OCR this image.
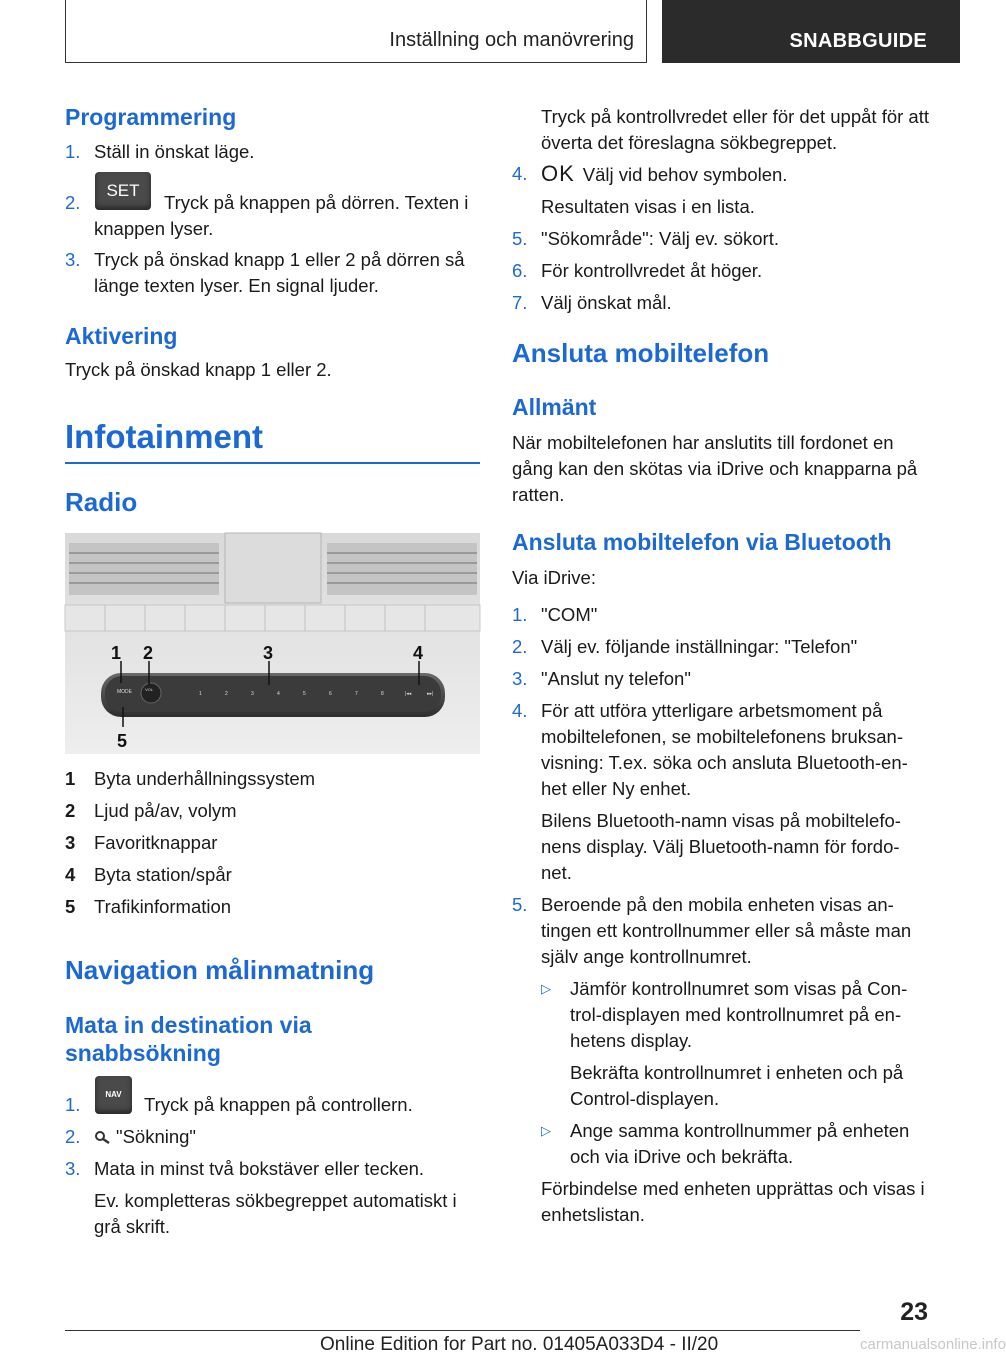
Inställning och manövrering	SNABBGUIDE
Programmering
1. Ställ in önskat läge.
2.
SET
Tryck på knappen på dörren. Texten i knappen lyser.
3. Tryck på önskad knapp 1 eller 2 på dörren så länge texten lyser. En signal ljuder.
Aktivering

Tryck på önskad knapp 1 eller 2.

Infotainment
Radio
MODE	VOL
1	2	3	4	5	6	7	8	|◂◂	▸▸|
1 2	3	4
5
1 Byta underhållningssystem
2 Ljud på/av, volym
3 Favoritknappar
4 Byta station/spår
5 Trafikinformation
Navigation målinmatning
Mata in destination via
snabbsökning
1.	NAV	Tryck på knappen på controllern.
2. "Sökning"
3. Mata in minst två bokstäver eller tecken.
Ev. kompletteras sökbegreppet automatiskt i grå skrift.
Tryck på kontrollvredet eller för det uppåt för att överta det föreslagna sökbegreppet.
4. OK Välj vid behov symbolen.
Resultaten visas i en lista.
5. "Sökområde": Välj ev. sökort.
6. För kontrollvredet åt höger.
7. Välj önskat mål.
Ansluta mobiltelefon
Allmänt

När mobiltelefonen har anslutits till fordonet en gång kan den skötas via iDrive och knapparna på ratten.

Ansluta mobiltelefon via Bluetooth

Via iDrive:

1. "COM"
2. Välj ev. följande inställningar: "Telefon"
3. "Anslut ny telefon"
4. För att utföra ytterligare arbetsmoment på mobiltelefonen, se mobiltelefonens bruksan-visning: T.ex. söka och ansluta Bluetooth-en-het eller Ny enhet.
Bilens Bluetooth-namn visas på mobiltelefo-nens display. Välj Bluetooth-namn för fordo-net.
5. Beroende på den mobila enheten visas an-tingen ett kontrollnummer eller så måste man själv ange kontrollnumret.
▷ Jämför kontrollnumret som visas på Con-trol-displayen med kontrollnumret på en-hetens display.
Bekräfta kontrollnumret i enheten och på Control-displayen.
▷ Ange samma kontrollnummer på enheten och via iDrive och bekräfta.
Förbindelse med enheten upprättas och visas i enhetslistan.
23
Online Edition for Part no. 01405A033D4 - II/20	carmanualsonline.info
